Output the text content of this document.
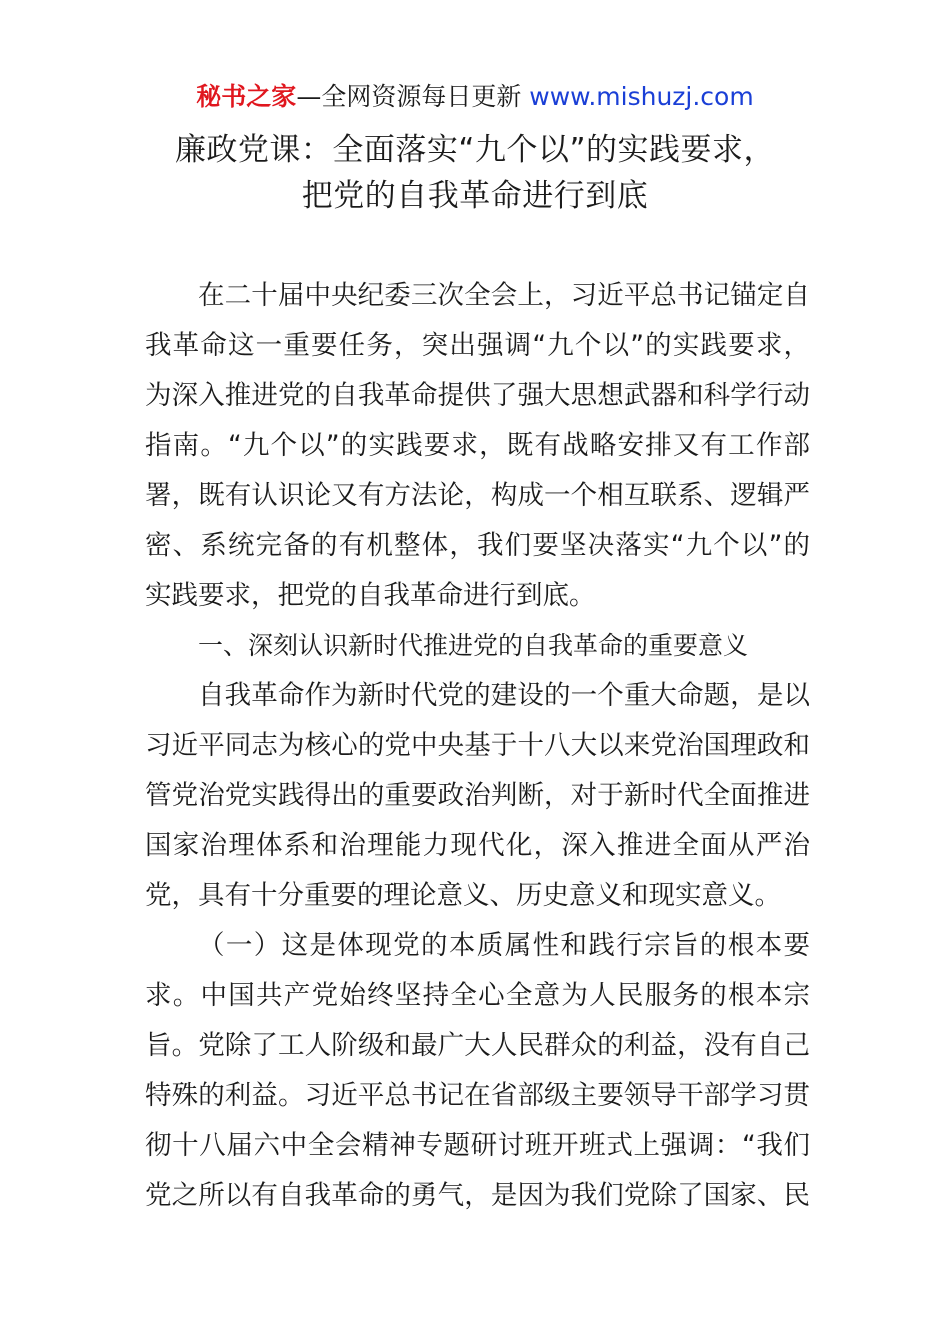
秘书之家—全网资源每日更新 www.mishuzj.com
廉政党课：全面落实“九个以”的实践要求，
把党的自我革命进行到底
在二十届中央纪委三次全会上，习近平总书记锚定自
我革命这一重要任务，突出强调“九个以”的实践要求，
为深入推进党的自我革命提供了强大思想武器和科学行动
指南。“九个以”的实践要求，既有战略安排又有工作部
署，既有认识论又有方法论，构成一个相互联系、逻辑严
密、系统完备的有机整体，我们要坚决落实“九个以”的
实践要求，把党的自我革命进行到底。
一、深刻认识新时代推进党的自我革命的重要意义
自我革命作为新时代党的建设的一个重大命题，是以
习近平同志为核心的党中央基于十八大以来党治国理政和
管党治党实践得出的重要政治判断，对于新时代全面推进
国家治理体系和治理能力现代化，深入推进全面从严治
党，具有十分重要的理论意义、历史意义和现实意义。
（一）这是体现党的本质属性和践行宗旨的根本要
求。中国共产党始终坚持全心全意为人民服务的根本宗
旨。党除了工人阶级和最广大人民群众的利益，没有自己
特殊的利益。习近平总书记在省部级主要领导干部学习贯
彻十八届六中全会精神专题研讨班开班式上强调：“我们
党之所以有自我革命的勇气，是因为我们党除了国家、民
